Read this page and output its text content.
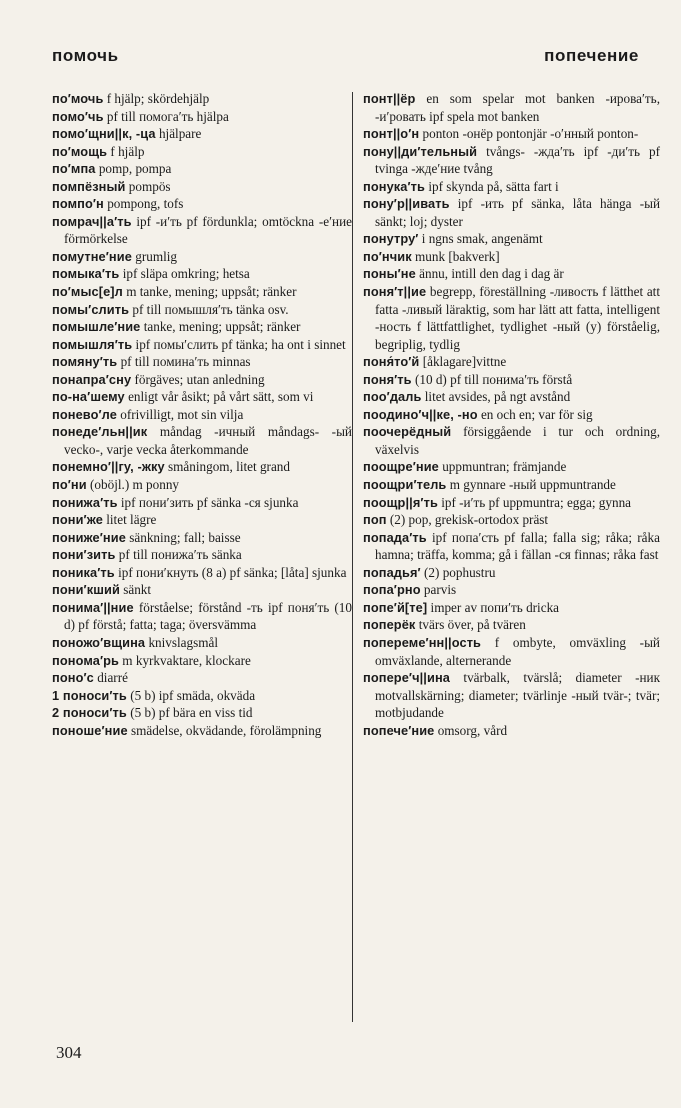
помочь	попечение
по′мочь f hjälp; skördehjälp
помо′чь pf till помога′ть hjälpa
помо′щни||к, -ца hjälpare
по′мощь f hjälp
по′мпа pomp, pompa
помпёзный pompös
помпо′н pompong, tofs
помрач||а′ть ipf -и′ть pf fördunkla; omtöckna -е′ние förmörkelse
помутне′ние grumlig
помыка′ть ipf släpa omkring; hetsa
по′мыс[е]л m tanke, mening; uppsåt; ränker
помы′слить pf till помышля′ть tänka osv.
помышле′ние tanke, mening; uppsåt; ränker
помышля′ть ipf помы′слить pf tänka; ha ont i sinnet
помяну′ть pf till помина′ть minnas
понапра′сну förgäves; utan anledning
по-на′шему enligt vår åsikt; på vårt sätt, som vi
понево′ле ofrivilligt, mot sin vilja
понеде′льн||ик måndag -ичный måndags- -ый vecko-, varje vecka återkommande
понемно′||гу, -жку småningom, litet grand
по′ни (oböjl.) m ponny
понижа′ть ipf пони′зить pf sänka -ся sjunka
пони′же litet lägre
пониже′ние sänkning; fall; baisse
пони′зить pf till понижа′ть sänka
поника′ть ipf пони′кнуть (8 a) pf sänka; [låta] sjunka
пони′кший sänkt
понима′||ние förståelse; förstånd -ть ipf поня′ть (10 d) pf förstå; fatta; taga; översvämma
поножо′вщина knivslagsmål
понома′рь m kyrkvaktare, klockare
поно′с diarré
1 поноси′ть (5 b) ipf smäda, okväda
2 поноси′ть (5 b) pf bära en viss tid
поноше′ние smädelse, okvädande, förolämpning
понт||ёр en som spelar mot banken -ирова′ть, -и′ровать ipf spela mot banken
понт||о′н ponton -онёр pontonjär -о′нный ponton-
пону||ди′тельный tvångs- -жда′ть ipf -ди′ть pf tvinga -жде′ние tvång
понука′ть ipf skynda på, sätta fart i
пону′р||ивать ipf -ить pf sänka, låta hänga -ый sänkt; loj; dyster
понутру′ i ngns smak, angenämt
по′нчик munk [bakverk]
поны′не ännu, intill den dag i dag är
поня′т||ие begrepp, föreställning -ливость f lätthet att fatta -ливый läraktig, som har lätt att fatta, intelligent -ность f lättfattlighet, tydlighet -ный (у) förståelig, begriplig, tydlig
поня́то′й [åklagare]vittne
поня′ть (10 d) pf till понима′ть förstå
поо′даль litet avsides, på ngt avstånd
поодино′ч||ке, -но en och en; var för sig
поочерёдный försiggående i tur och ordning, växelvis
поощре′ние uppmuntran; främjande
поощри′тель m gynnare -ный uppmuntrande
поощр||я′ть ipf -и′ть pf uppmuntra; egga; gynna
поп (2) pop, grekisk-ortodox präst
попада′ть ipf попа′сть pf falla; falla sig; råka; råka hamna; träffa, komma; gå i fällan -ся finnas; råka fast
попадья′ (2) pophustru
попа′рно parvis
попе′й[те] imper av попи′ть dricka
поперёк tvärs över, på tvären
попереме′нн||ость f ombyte, omväxling -ый omväxlande, alternerande
попере′ч||ина tvärbalk, tvärslå; diameter -ник motvallskärning; diameter; tvärlinje -ный tvär-; tvär; motbjudande
попече′ние omsorg, vård
304
